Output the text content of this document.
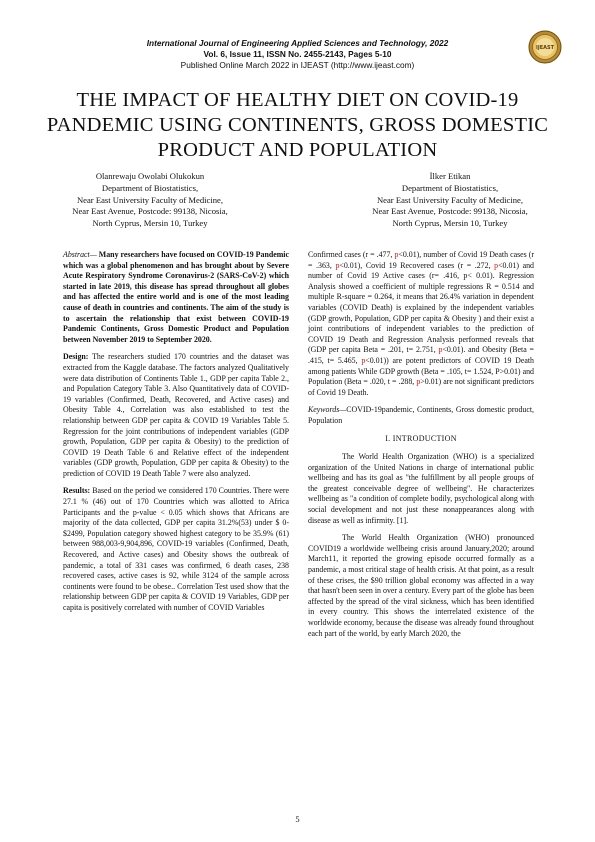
International Journal of Engineering Applied Sciences and Technology, 2022
Vol. 6, Issue 11, ISSN No. 2455-2143, Pages 5-10
Published Online March 2022 in IJEAST (http://www.ijeast.com)
IJEAST
THE IMPACT OF HEALTHY DIET ON COVID-19 PANDEMIC USING CONTINENTS, GROSS DOMESTIC PRODUCT AND POPULATION
Olanrewaju Owolabi Olukokun
Department of Biostatistics,
Near East University Faculty of Medicine,
Near East Avenue, Postcode: 99138, Nicosia,
North Cyprus, Mersin 10, Turkey
İlker Etikan
Department of Biostatistics,
Near East University Faculty of Medicine,
Near East Avenue, Postcode: 99138, Nicosia,
North Cyprus, Mersin 10, Turkey

Abstract— Many researchers have focused on COVID-19 Pandemic which was a global phenomenon and has brought about by Severe Acute Respiratory Syndrome Coronavirus-2 (SARS-CoV-2) which started in late 2019, this disease has spread throughout all globes and has affected the entire world and is one of the most leading cause of death in countries and continents. The aim of the study is to ascertain the relationship that exist between COVID-19 Pandemic Continents, Gross Domestic Product and Population between November 2019 to September 2020.

Design: The researchers studied 170 countries and the dataset was extracted from the Kaggle database. The factors analyzed Qualitatively were data distribution of Continents Table 1., GDP per capita Table 2., and Population Category Table 3. Also Quantitatively data of COVID-19 variables (Confirmed, Death, Recovered, and Active cases) and Obesity Table 4., Correlation was also established to test the relationship between GDP per capita & COVID 19 Variables Table 5. Regression for the joint contributions of independent variables (GDP growth, Population, GDP per capita & Obesity) to the prediction of COVID 19 Death Table 6 and Relative effect of the independent variables (GDP growth, Population, GDP per capita & Obesity) to the prediction of COVID 19 Death Table 7 were also analyzed.

Results: Based on the period we considered 170 Countries. There were 27.1 % (46) out of 170 Countries which was allotted to Africa Participants and the p-value < 0.05 which shows that Africans are majority of the data collected, GDP per capita 31.2%(53) under $ 0- $2499, Population category showed highest category to be 35.9% (61) between 988,003-9,904,896, COVID-19 variables (Confirmed, Death, Recovered, and Active cases) and Obesity shows the outbreak of pandemic, a total of 331 cases was confirmed, 6 death cases, 238 recovered cases, active cases is 92, while 3124 of the sample across continents were found to be obese.. Correlation Test used show that the relationship between GDP per capita & COVID 19 Variables, GDP per capita is positively correlated with number of COVID Variables

Confirmed cases (r = .477, p<0.01), number of Covid 19 Death cases (r = .363, p<0.01), Covid 19 Recovered cases (r = .272, p<0.01) and number of Covid 19 Active cases (r= .416, p< 0.01). Regression Analysis showed a coefficient of multiple regressions R = 0.514 and multiple R-square = 0.264, it means that 26.4% variation in dependent variables (COVID Death) is explained by the independent variables (GDP growth, Population, GDP per capita & Obesity ) and their exist a joint contributions of independent variables to the prediction of COVID 19 Death and Regression Analysis performed reveals that (GDP per capita Beta = .201, t= 2.751, p<0.01). and Obesity (Beta = .415, t= 5.465, p<0.01)) are potent predictors of COVID 19 Death among patients While GDP growth (Beta = .105, t= 1.524, P>0.01) and Population (Beta = .020, t = .288, p>0.01) are not significant predictors of Covid 19 Death.

Keywords—COVID-19pandemic, Continents, Gross domestic product, Population

I. INTRODUCTION

The World Health Organization (WHO) is a specialized organization of the United Nations in charge of international public wellbeing and has its goal as "the fulfillment by all people groups of the greatest conceivable degree of wellbeing". He characterizes wellbeing as "a condition of complete bodily, psychological along with social development and not just these nonappearances along with disease as well as infirmity. [1].

The World Health Organization (WHO) pronounced COVID19 a worldwide wellbeing crisis around January,2020; around March11, it reported the growing episode occurred formally as a pandemic, a most critical stage of health crisis. At that point, as a result of these crises, the $90 trillion global economy was affected in a way that hasn't been seen in over a century. Every part of the globe has been affected by the spread of the viral sickness, which has been identified in every country. This shows the interrelated existence of the worldwide economy, because the disease was already found throughout each part of the world, by early March 2020, the

5
